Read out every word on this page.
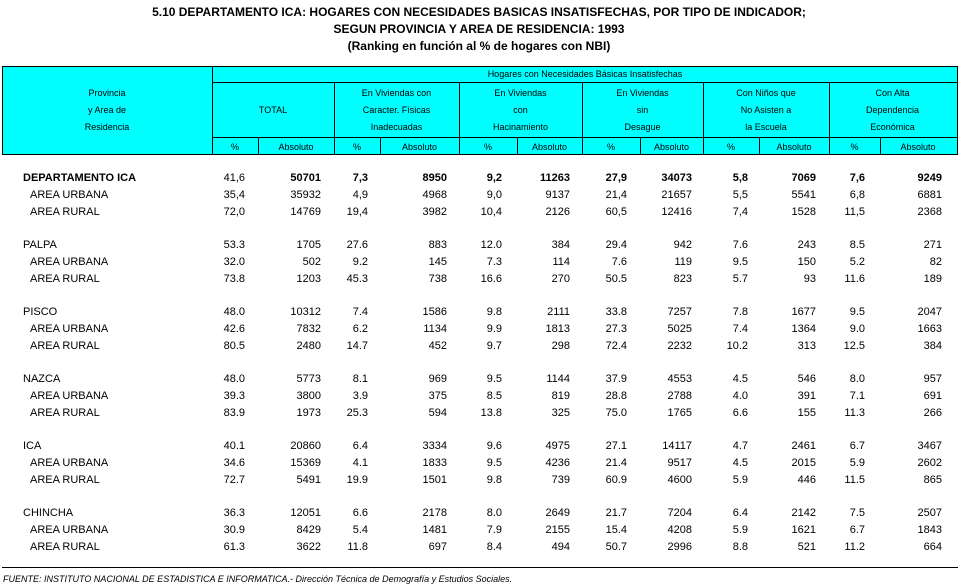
5.10 DEPARTAMENTO ICA: HOGARES CON NECESIDADES BASICAS INSATISFECHAS, POR TIPO DE INDICADOR;
SEGUN PROVINCIA Y AREA DE RESIDENCIA: 1993
(Ranking en función al % de hogares con NBI)
Provincia
y Area de
Residencia
Hogares con Necesidades Básicas Insatisfechas
TOTAL
%	Absoluto
En Viviendas con
Caracter. Físicas
Inadecuadas
%	Absoluto
En Viviendas
con
Hacinamiento
%	Absoluto
En Viviendas
sin
Desague
%	Absoluto
Con Niños que
No Asisten a
la Escuela
%	Absoluto
Con Alta
Dependencia
Económica
%	Absoluto
DEPARTAMENTO ICA	41,6	50701	7,3	8950	9,2	11263	27,9	34073	5,8	7069	7,6	9249
AREA URBANA	35,4	35932	4,9	4968	9,0	9137	21,4	21657	5,5	5541	6,8	6881
AREA RURAL	72,0	14769	19,4	3982	10,4	2126	60,5	12416	7,4	1528	11,5	2368
PALPA	53.3	1705	27.6	883	12.0	384	29.4	942	7.6	243	8.5	271
AREA URBANA	32.0	502	9.2	145	7.3	114	7.6	119	9.5	150	5.2	82
AREA RURAL	73.8	1203	45.3	738	16.6	270	50.5	823	5.7	93	11.6	189
PISCO	48.0	10312	7.4	1586	9.8	2111	33.8	7257	7.8	1677	9.5	2047
AREA URBANA	42.6	7832	6.2	1134	9.9	1813	27.3	5025	7.4	1364	9.0	1663
AREA RURAL	80.5	2480	14.7	452	9.7	298	72.4	2232	10.2	313	12.5	384
NAZCA	48.0	5773	8.1	969	9.5	1144	37.9	4553	4.5	546	8.0	957
AREA URBANA	39.3	3800	3.9	375	8.5	819	28.8	2788	4.0	391	7.1	691
AREA RURAL	83.9	1973	25.3	594	13.8	325	75.0	1765	6.6	155	11.3	266
ICA	40.1	20860	6.4	3334	9.6	4975	27.1	14117	4.7	2461	6.7	3467
AREA URBANA	34.6	15369	4.1	1833	9.5	4236	21.4	9517	4.5	2015	5.9	2602
AREA RURAL	72.7	5491	19.9	1501	9.8	739	60.9	4600	5.9	446	11.5	865
CHINCHA	36.3	12051	6.6	2178	8.0	2649	21.7	7204	6.4	2142	7.5	2507
AREA URBANA	30.9	8429	5.4	1481	7.9	2155	15.4	4208	5.9	1621	6.7	1843
AREA RURAL	61.3	3622	11.8	697	8.4	494	50.7	2996	8.8	521	11.2	664
FUENTE: INSTITUTO NACIONAL DE ESTADISTICA E INFORMATICA.- Dirección Técnica de Demografía y Estudios Sociales.
